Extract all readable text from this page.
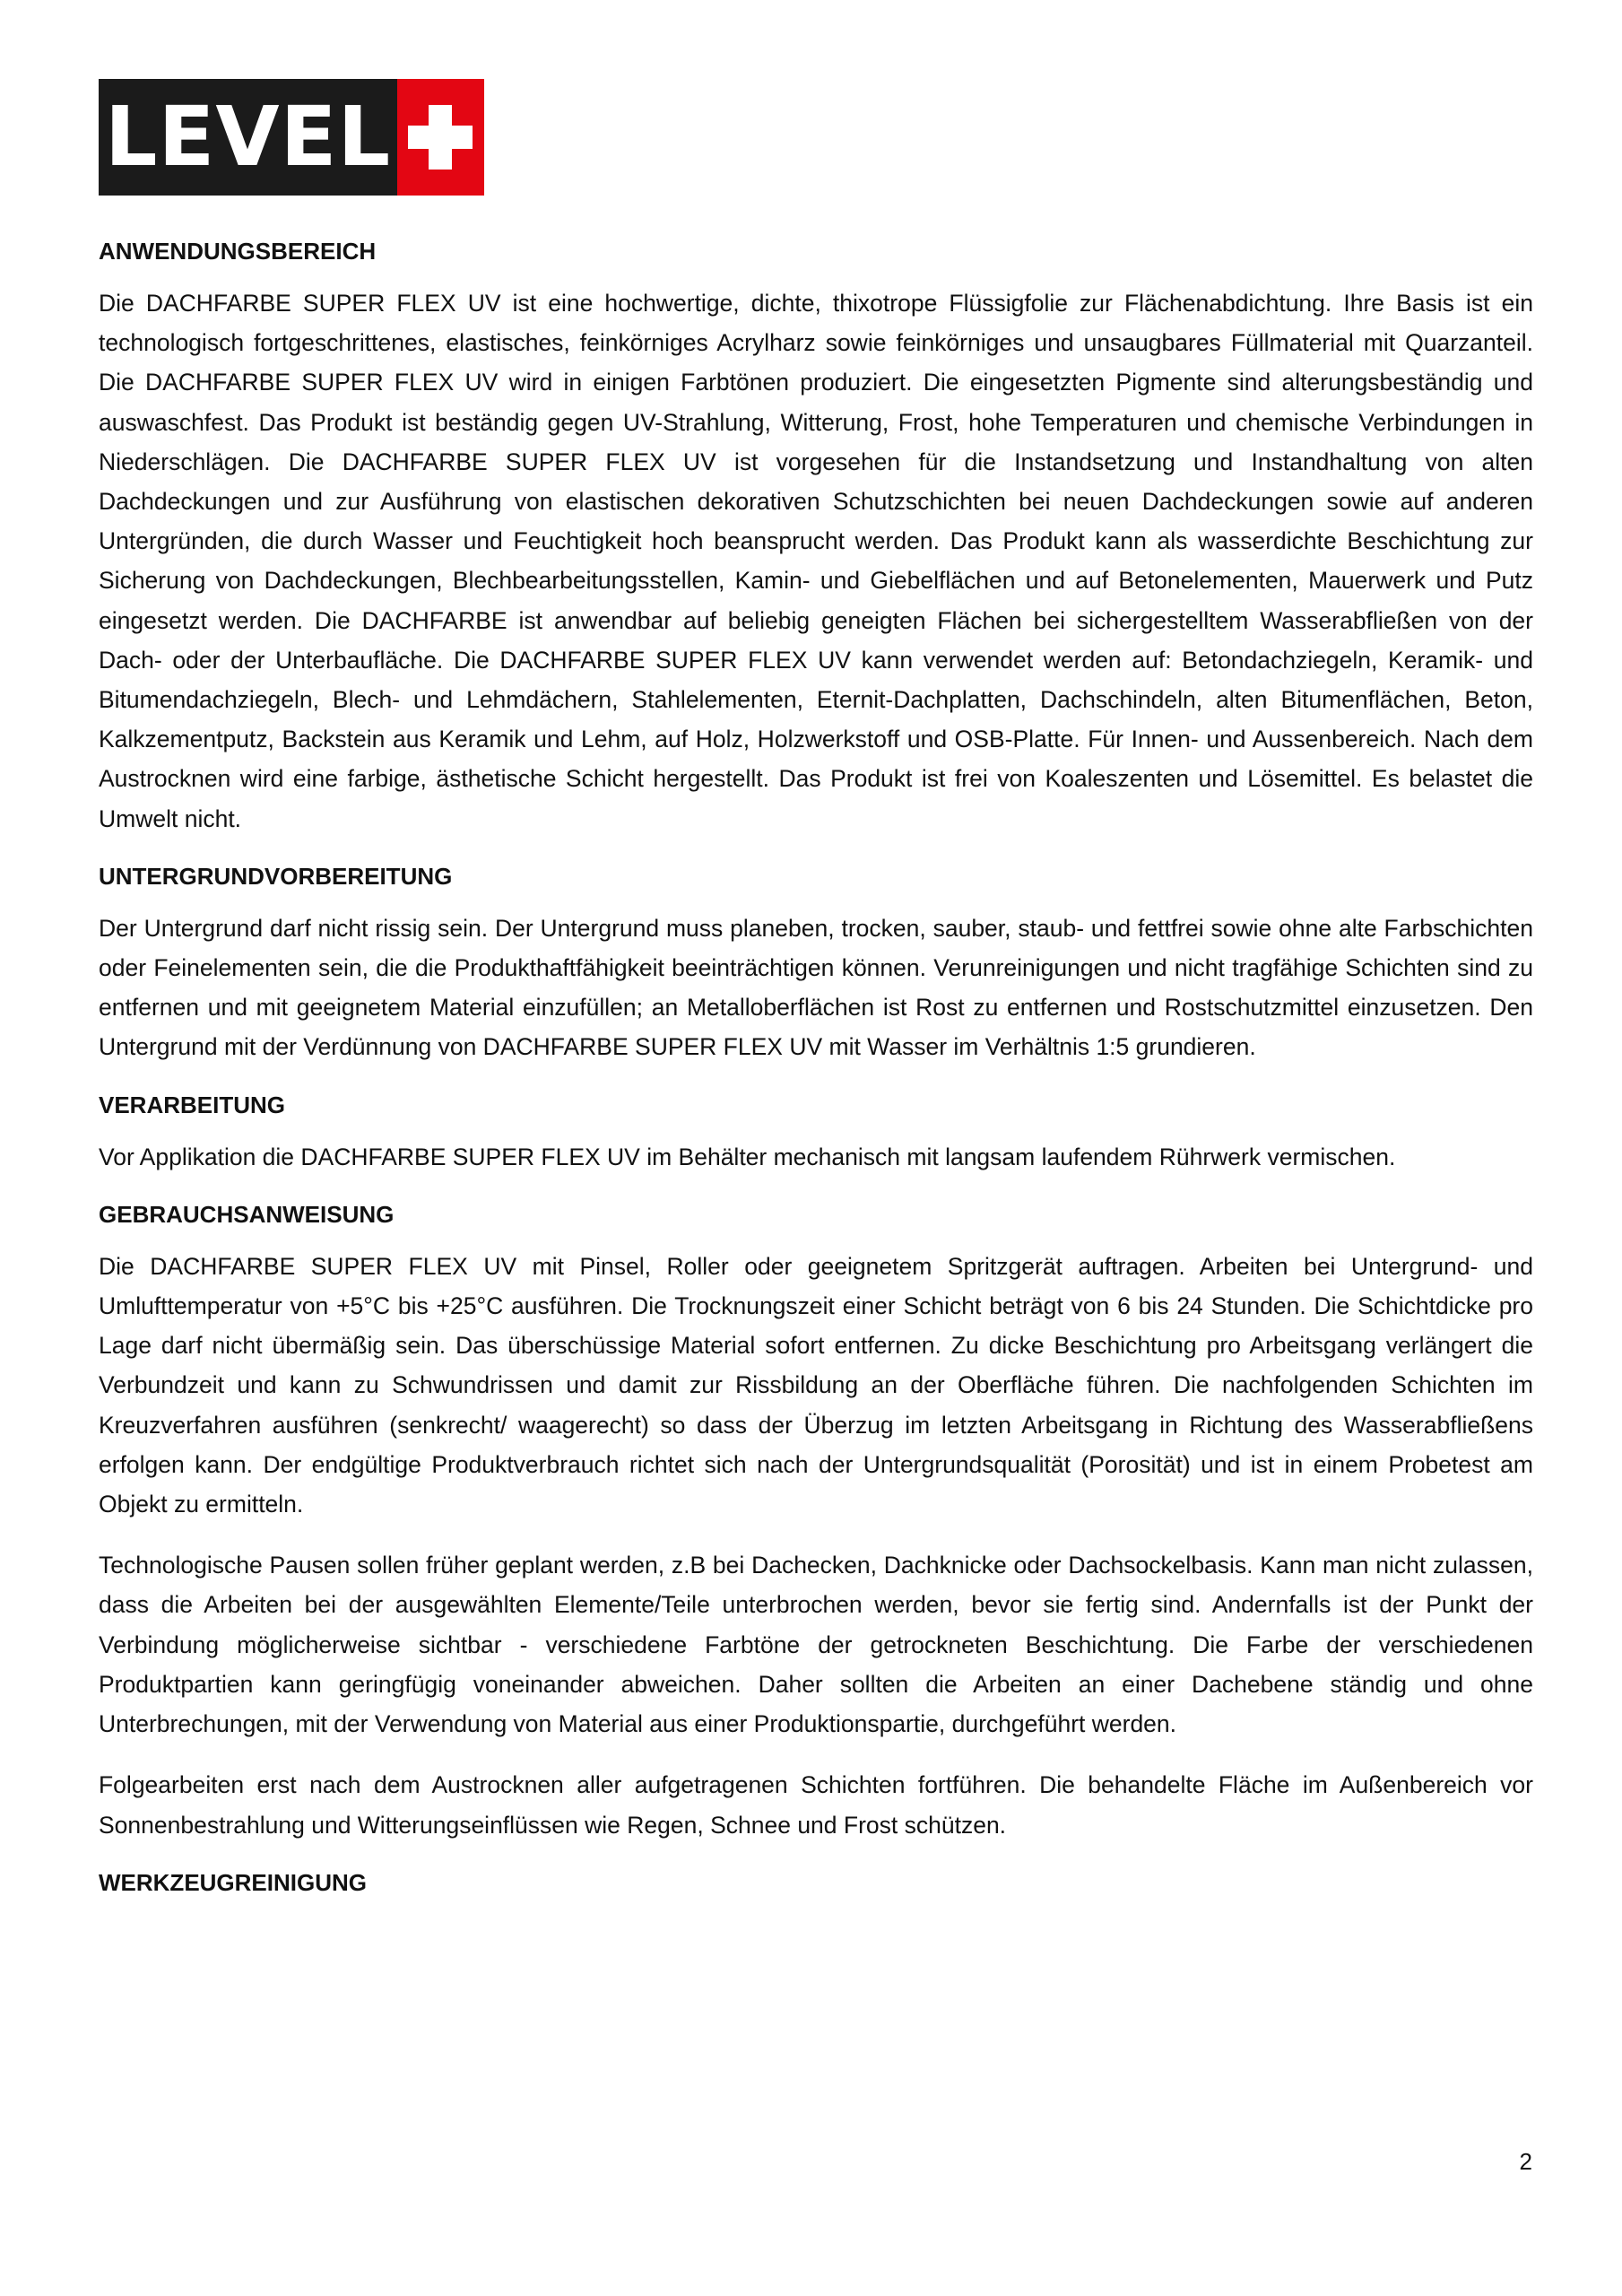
LEVEL
ANWENDUNGSBEREICH

Die DACHFARBE SUPER FLEX UV ist eine hochwertige, dichte, thixotrope Flüssigfolie zur Flächenabdichtung. Ihre Basis ist ein technologisch fortgeschrittenes, elastisches, feinkörniges Acrylharz sowie feinkörniges und unsaugbares Füllmaterial mit Quarzanteil. Die DACHFARBE SUPER FLEX UV wird in einigen Farbtönen produziert. Die eingesetzten Pigmente sind alterungsbeständig und auswaschfest. Das Produkt ist beständig gegen UV-Strahlung, Witterung, Frost, hohe Temperaturen und chemische Verbindungen in Niederschlägen. Die DACHFARBE SUPER FLEX UV ist vorgesehen für die Instandsetzung und Instandhaltung von alten Dachdeckungen und zur Ausführung von elastischen dekorativen Schutzschichten bei neuen Dachdeckungen sowie auf anderen Untergründen, die durch Wasser und Feuchtigkeit hoch beansprucht werden. Das Produkt kann als wasserdichte Beschichtung zur Sicherung von Dachdeckungen, Blechbearbeitungsstellen, Kamin- und Giebelflächen und auf Betonelementen, Mauerwerk und Putz eingesetzt werden. Die DACHFARBE ist anwendbar auf beliebig geneigten Flächen bei sichergestelltem Wasserabfließen von der Dach- oder der Unterbaufläche. Die DACHFARBE SUPER FLEX UV kann verwendet werden auf: Betondachziegeln, Keramik- und Bitumendachziegeln, Blech- und Lehmdächern, Stahlelementen, Eternit-Dachplatten, Dachschindeln, alten Bitumenflächen, Beton, Kalkzementputz, Backstein aus Keramik und Lehm, auf Holz, Holzwerkstoff und OSB-Platte. Für Innen- und Aussenbereich. Nach dem Austrocknen wird eine farbige, ästhetische Schicht hergestellt. Das Produkt ist frei von Koaleszenten und Lösemittel. Es belastet die Umwelt nicht.

UNTERGRUNDVORBEREITUNG

Der Untergrund darf nicht rissig sein. Der Untergrund muss planeben, trocken, sauber, staub- und fettfrei sowie ohne alte Farbschichten oder Feinelementen sein, die die Produkthaftfähigkeit beeinträchtigen können. Verunreinigungen und nicht tragfähige Schichten sind zu entfernen und mit geeignetem Material einzufüllen; an Metalloberflächen ist Rost zu entfernen und Rostschutzmittel einzusetzen. Den Untergrund mit der Verdünnung von DACHFARBE SUPER FLEX UV mit Wasser im Verhältnis 1:5 grundieren.

VERARBEITUNG

Vor Applikation die DACHFARBE SUPER FLEX UV im Behälter mechanisch mit langsam laufendem Rührwerk vermischen.

GEBRAUCHSANWEISUNG

Die DACHFARBE SUPER FLEX UV mit Pinsel, Roller oder geeignetem Spritzgerät auftragen. Arbeiten bei Untergrund- und Umlufttemperatur von +5°C bis +25°C ausführen. Die Trocknungszeit einer Schicht beträgt von 6 bis 24 Stunden. Die Schichtdicke pro Lage darf nicht übermäßig sein. Das überschüssige Material sofort entfernen. Zu dicke Beschichtung pro Arbeitsgang verlängert die Verbundzeit und kann zu Schwundrissen und damit zur Rissbildung an der Oberfläche führen. Die nachfolgenden Schichten im Kreuzverfahren ausführen (senkrecht/ waagerecht) so dass der Überzug im letzten Arbeitsgang in Richtung des Wasserabfließens erfolgen kann. Der endgültige Produktverbrauch richtet sich nach der Untergrundsqualität (Porosität) und ist in einem Probetest am Objekt zu ermitteln.

Technologische Pausen sollen früher geplant werden, z.B bei Dachecken, Dachknicke oder Dachsockelbasis. Kann man nicht zulassen, dass die Arbeiten bei der ausgewählten Elemente/Teile unterbrochen werden, bevor sie fertig sind. Andernfalls ist der Punkt der Verbindung möglicherweise sichtbar - verschiedene Farbtöne der getrockneten Beschichtung. Die Farbe der verschiedenen Produktpartien kann geringfügig voneinander abweichen. Daher sollten die Arbeiten an einer Dachebene ständig und ohne Unterbrechungen, mit der Verwendung von Material aus einer Produktionspartie, durchgeführt werden.

Folgearbeiten erst nach dem Austrocknen aller aufgetragenen Schichten fortführen. Die behandelte Fläche im Außenbereich vor Sonnenbestrahlung und Witterungseinflüssen wie Regen, Schnee und Frost schützen.

WERKZEUGREINIGUNG
2
